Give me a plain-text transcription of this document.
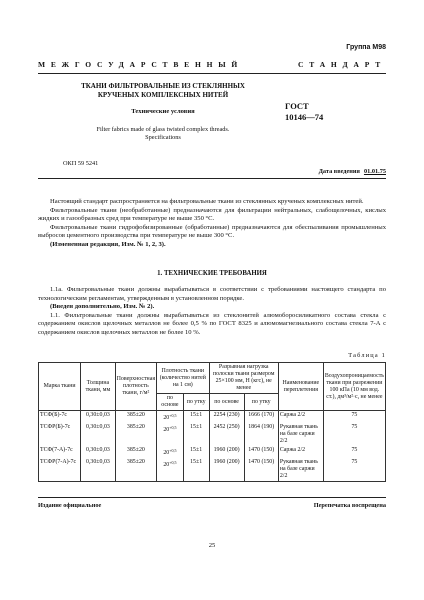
Группа М98
МЕЖГОСУДАРСТВЕННЫЙ	СТАНДАРТ
ТКАНИ ФИЛЬТРОВАЛЬНЫЕ ИЗ СТЕКЛЯННЫХ
КРУЧЕНЫХ КОМПЛЕКСНЫХ НИТЕЙ
Технические условия
Filter fabrics made of glass twisted complex threads.
Specifications
ГОСТ
10146—74
ОКП 59 5241
Дата введения 01.01.75

Настоящий стандарт распространяется на фильтровальные ткани из стеклянных крученых комплексных нитей.

Фильтровальные ткани (необработанные) предназначаются для фильтрации нейтральных, слабощелочных, кислых жидких и газообразных сред при температуре не выше 350 °С.

Фильтровальные ткани гидрофобизированные (обработанные) предназначаются для обеспыливания промышленных выбросов цементного производства при температуре не выше 300 °С.

(Измененная редакция, Изм. № 1, 2, 3).

1. ТЕХНИЧЕСКИЕ ТРЕБОВАНИЯ

1.1а. Фильтровальные ткани должны вырабатываться в соответствии с требованиями настоящего стандарта по технологическим регламентам, утвержденным в установленном порядке.

(Введен дополнительно, Изм. № 2).

1.1. Фильтровальные ткани должны вырабатываться из стеклонитей алюмоборосиликатного состава стекла с содержанием окислов щелочных металлов не более 0,5 % по ГОСТ 8325 и алюмомагнезиального состава стекла 7-А с содержанием окислов щелочных металлов не более 10 %.

Таблица 1
Марка ткани	Толщина ткани, мм	Поверхностная плотность ткани, г/м²	Плотность ткани (количество нитей на 1 см)		Разрывная нагрузка полоски ткани размером 25×100 мм, Н (кгс), не менее		Наименование переплетения	Воздухопроницаемость ткани при разрежении 100 кПа (10 мм вод. ст.), дм³/м²·с, не менее
			по основе	по утку	по основе	по утку		
ТСФ(Б)-7с	0,30±0,03	385±20	$20^{+0,5}$	15±1	2254 (230)	1666 (170)	Саржа 2/2	75
ТСФР(Б)-7с	0,30±0,03	385±20	$20^{+0,5}$	15±1	2452 (250)	1864 (190)	Рукавная ткань на базе саржи 2/2	75
ТСФ(7-А)-7с	0,30±0,03	385±20	$20^{+0,5}$	15±1	1960 (200)	1470 (150)	Саржа 2/2	75
ТСФР(7-А)-7с	0,30±0,03	385±20	$20^{+0,5}$	15±1	1960 (200)	1470 (150)	Рукавная ткань на базе саржи 2/2	75
Издание официальное	Перепечатка воспрещена
25
